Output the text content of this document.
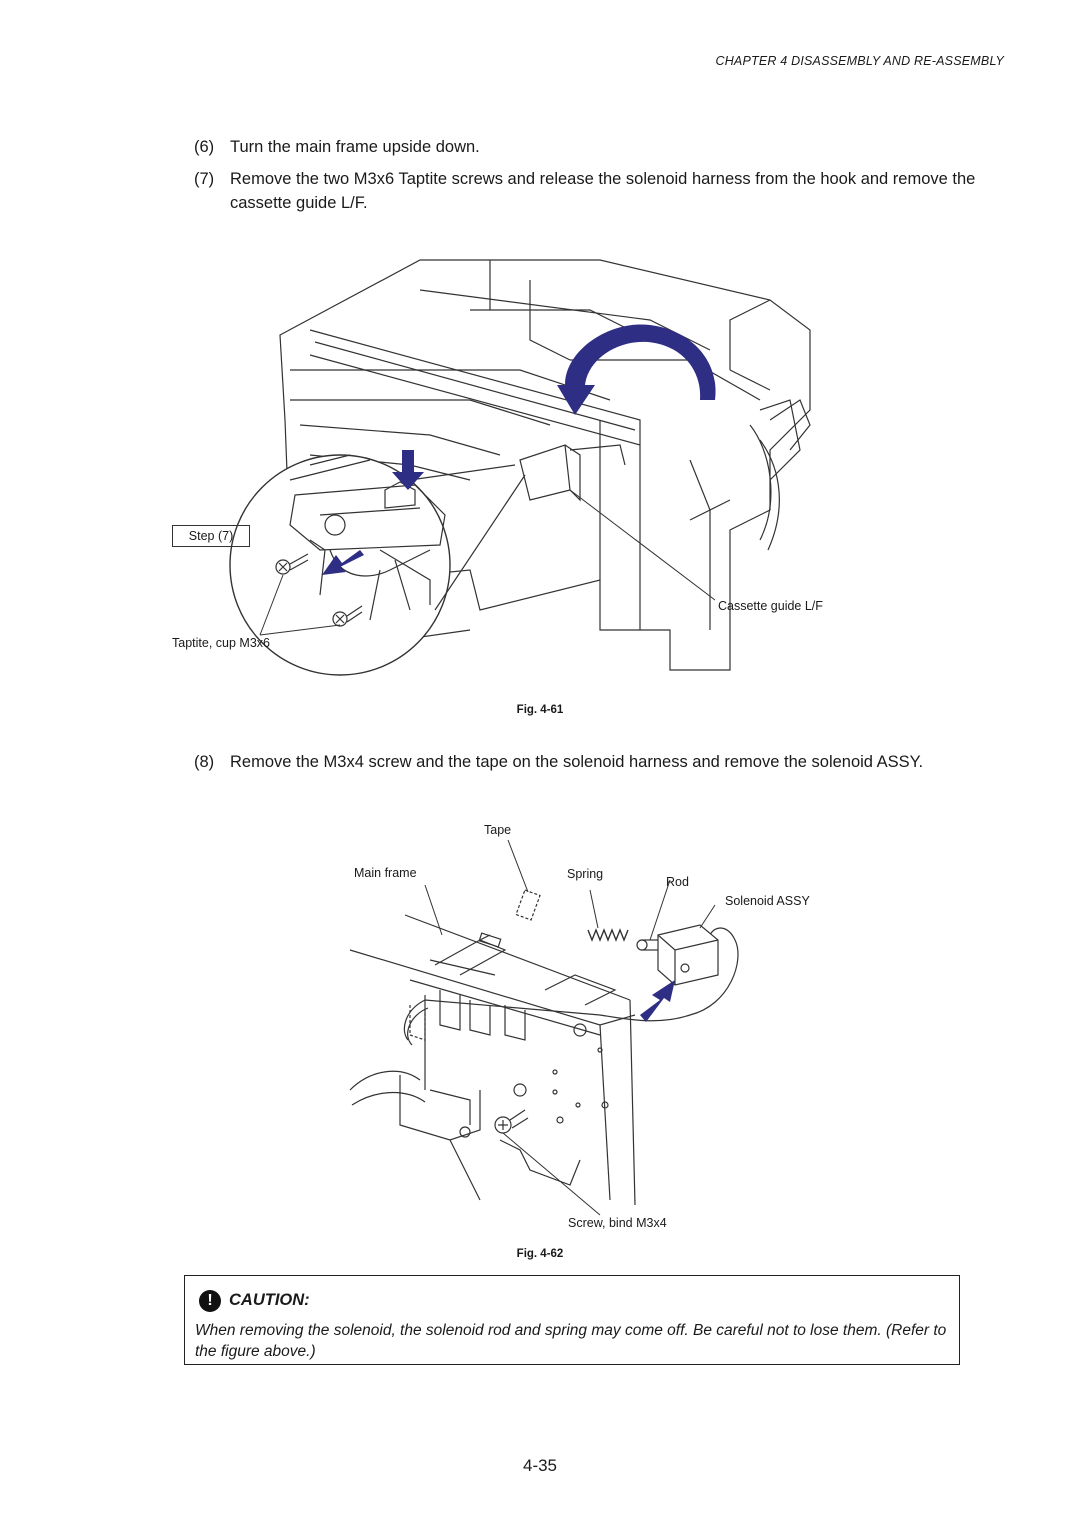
CHAPTER 4 DISASSEMBLY AND RE-ASSEMBLY
(6) Turn the main frame upside down.
(7) Remove the two M3x6 Taptite screws and release the solenoid harness from the hook and remove the cassette guide L/F.
Step (7)
Cassette guide L/F
Taptite, cup M3x6
Fig. 4-61
(8) Remove the M3x4 screw and the tape on the solenoid harness and remove the solenoid ASSY.
Tape
Main frame	Spring
Rod
Solenoid ASSY
Screw, bind M3x4
Fig. 4-62
! CAUTION:
When removing the solenoid, the solenoid rod and spring may come off. Be careful not to lose them. (Refer to the figure above.)
4-35
